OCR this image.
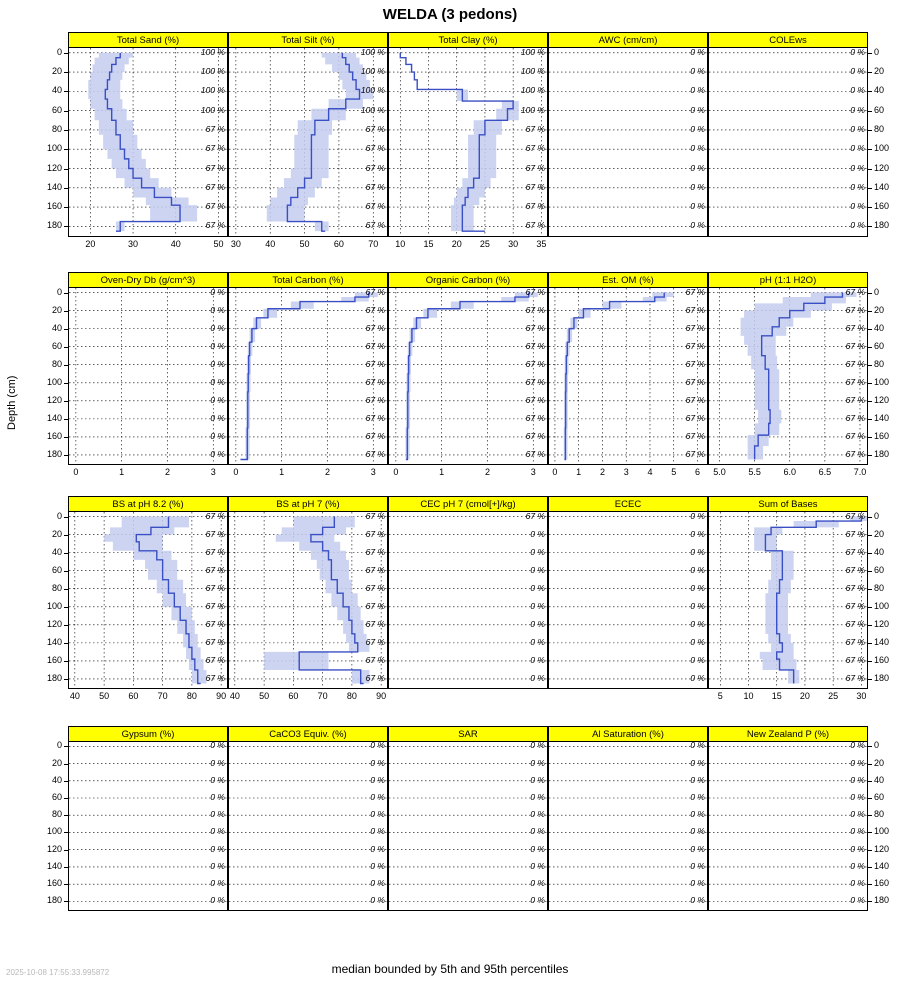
WELDA (3 pedons)
Depth (cm)
Total Sand (%)
100 %
100 %
100 %
100 %
67 %
67 %
67 %
67 %
67 %
67 %
20	30	40	50
Total Silt (%)
100 %
100 %
100 %
100 %
67 %
67 %
67 %
67 %
67 %
67 %
30	40	50	60	70
Total Clay (%)
100 %
100 %
100 %
100 %
67 %
67 %
67 %
67 %
67 %
67 %
10	15	20	25	30	35
AWC (cm/cm)
0 %
0 %
0 %
0 %
0 %
0 %
0 %
0 %
0 %
0 %
COLEws
0 %
0 %
0 %
0 %
0 %
0 %
0 %
0 %
0 %
0 %
0	0
20	20
40	40
60	60
80	80
100	100
120	120
140	140
160	160
180	180
Oven-Dry Db (g/cm^3)
0 %
0 %
0 %
0 %
0 %
0 %
0 %
0 %
0 %
0 %
0	1	2	3
Total Carbon (%)
67 %
67 %
67 %
67 %
67 %
67 %
67 %
67 %
67 %
67 %
0	1	2	3
Organic Carbon (%)
67 %
67 %
67 %
67 %
67 %
67 %
67 %
67 %
67 %
67 %
0	1	2	3
Est. OM (%)
67 %
67 %
67 %
67 %
67 %
67 %
67 %
67 %
67 %
67 %
0	1	2	3	4	5	6
pH (1:1 H2O)
67 %
67 %
67 %
67 %
67 %
67 %
67 %
67 %
67 %
67 %
5.0	5.5	6.0	6.5	7.0
0	0
20	20
40	40
60	60
80	80
100	100
120	120
140	140
160	160
180	180
BS at pH 8.2 (%)
67 %
67 %
67 %
67 %
67 %
67 %
67 %
67 %
67 %
67 %
40	50	60	70	80	90
BS at pH 7 (%)
67 %
67 %
67 %
67 %
67 %
67 %
67 %
67 %
67 %
67 %
40	50	60	70	80	90
CEC pH 7 (cmol[+]/kg)
67 %
0 %
0 %
0 %
0 %
0 %
0 %
0 %
0 %
0 %
ECEC
0 %
0 %
0 %
0 %
0 %
0 %
0 %
0 %
0 %
0 %
Sum of Bases
67 %
67 %
67 %
67 %
67 %
67 %
67 %
67 %
67 %
67 %
5	10	15	20	25	30
0	0
20	20
40	40
60	60
80	80
100	100
120	120
140	140
160	160
180	180
Gypsum (%)
0 %
0 %
0 %
0 %
0 %
0 %
0 %
0 %
0 %
0 %
CaCO3 Equiv. (%)
0 %
0 %
0 %
0 %
0 %
0 %
0 %
0 %
0 %
0 %
SAR
0 %
0 %
0 %
0 %
0 %
0 %
0 %
0 %
0 %
0 %
Al Saturation (%)
0 %
0 %
0 %
0 %
0 %
0 %
0 %
0 %
0 %
0 %
New Zealand P (%)
0 %
0 %
0 %
0 %
0 %
0 %
0 %
0 %
0 %
0 %
0	0
20	20
40	40
60	60
80	80
100	100
120	120
140	140
160	160
180	180
median bounded by 5th and 95th percentiles
2025-10-08 17:55:33.995872
